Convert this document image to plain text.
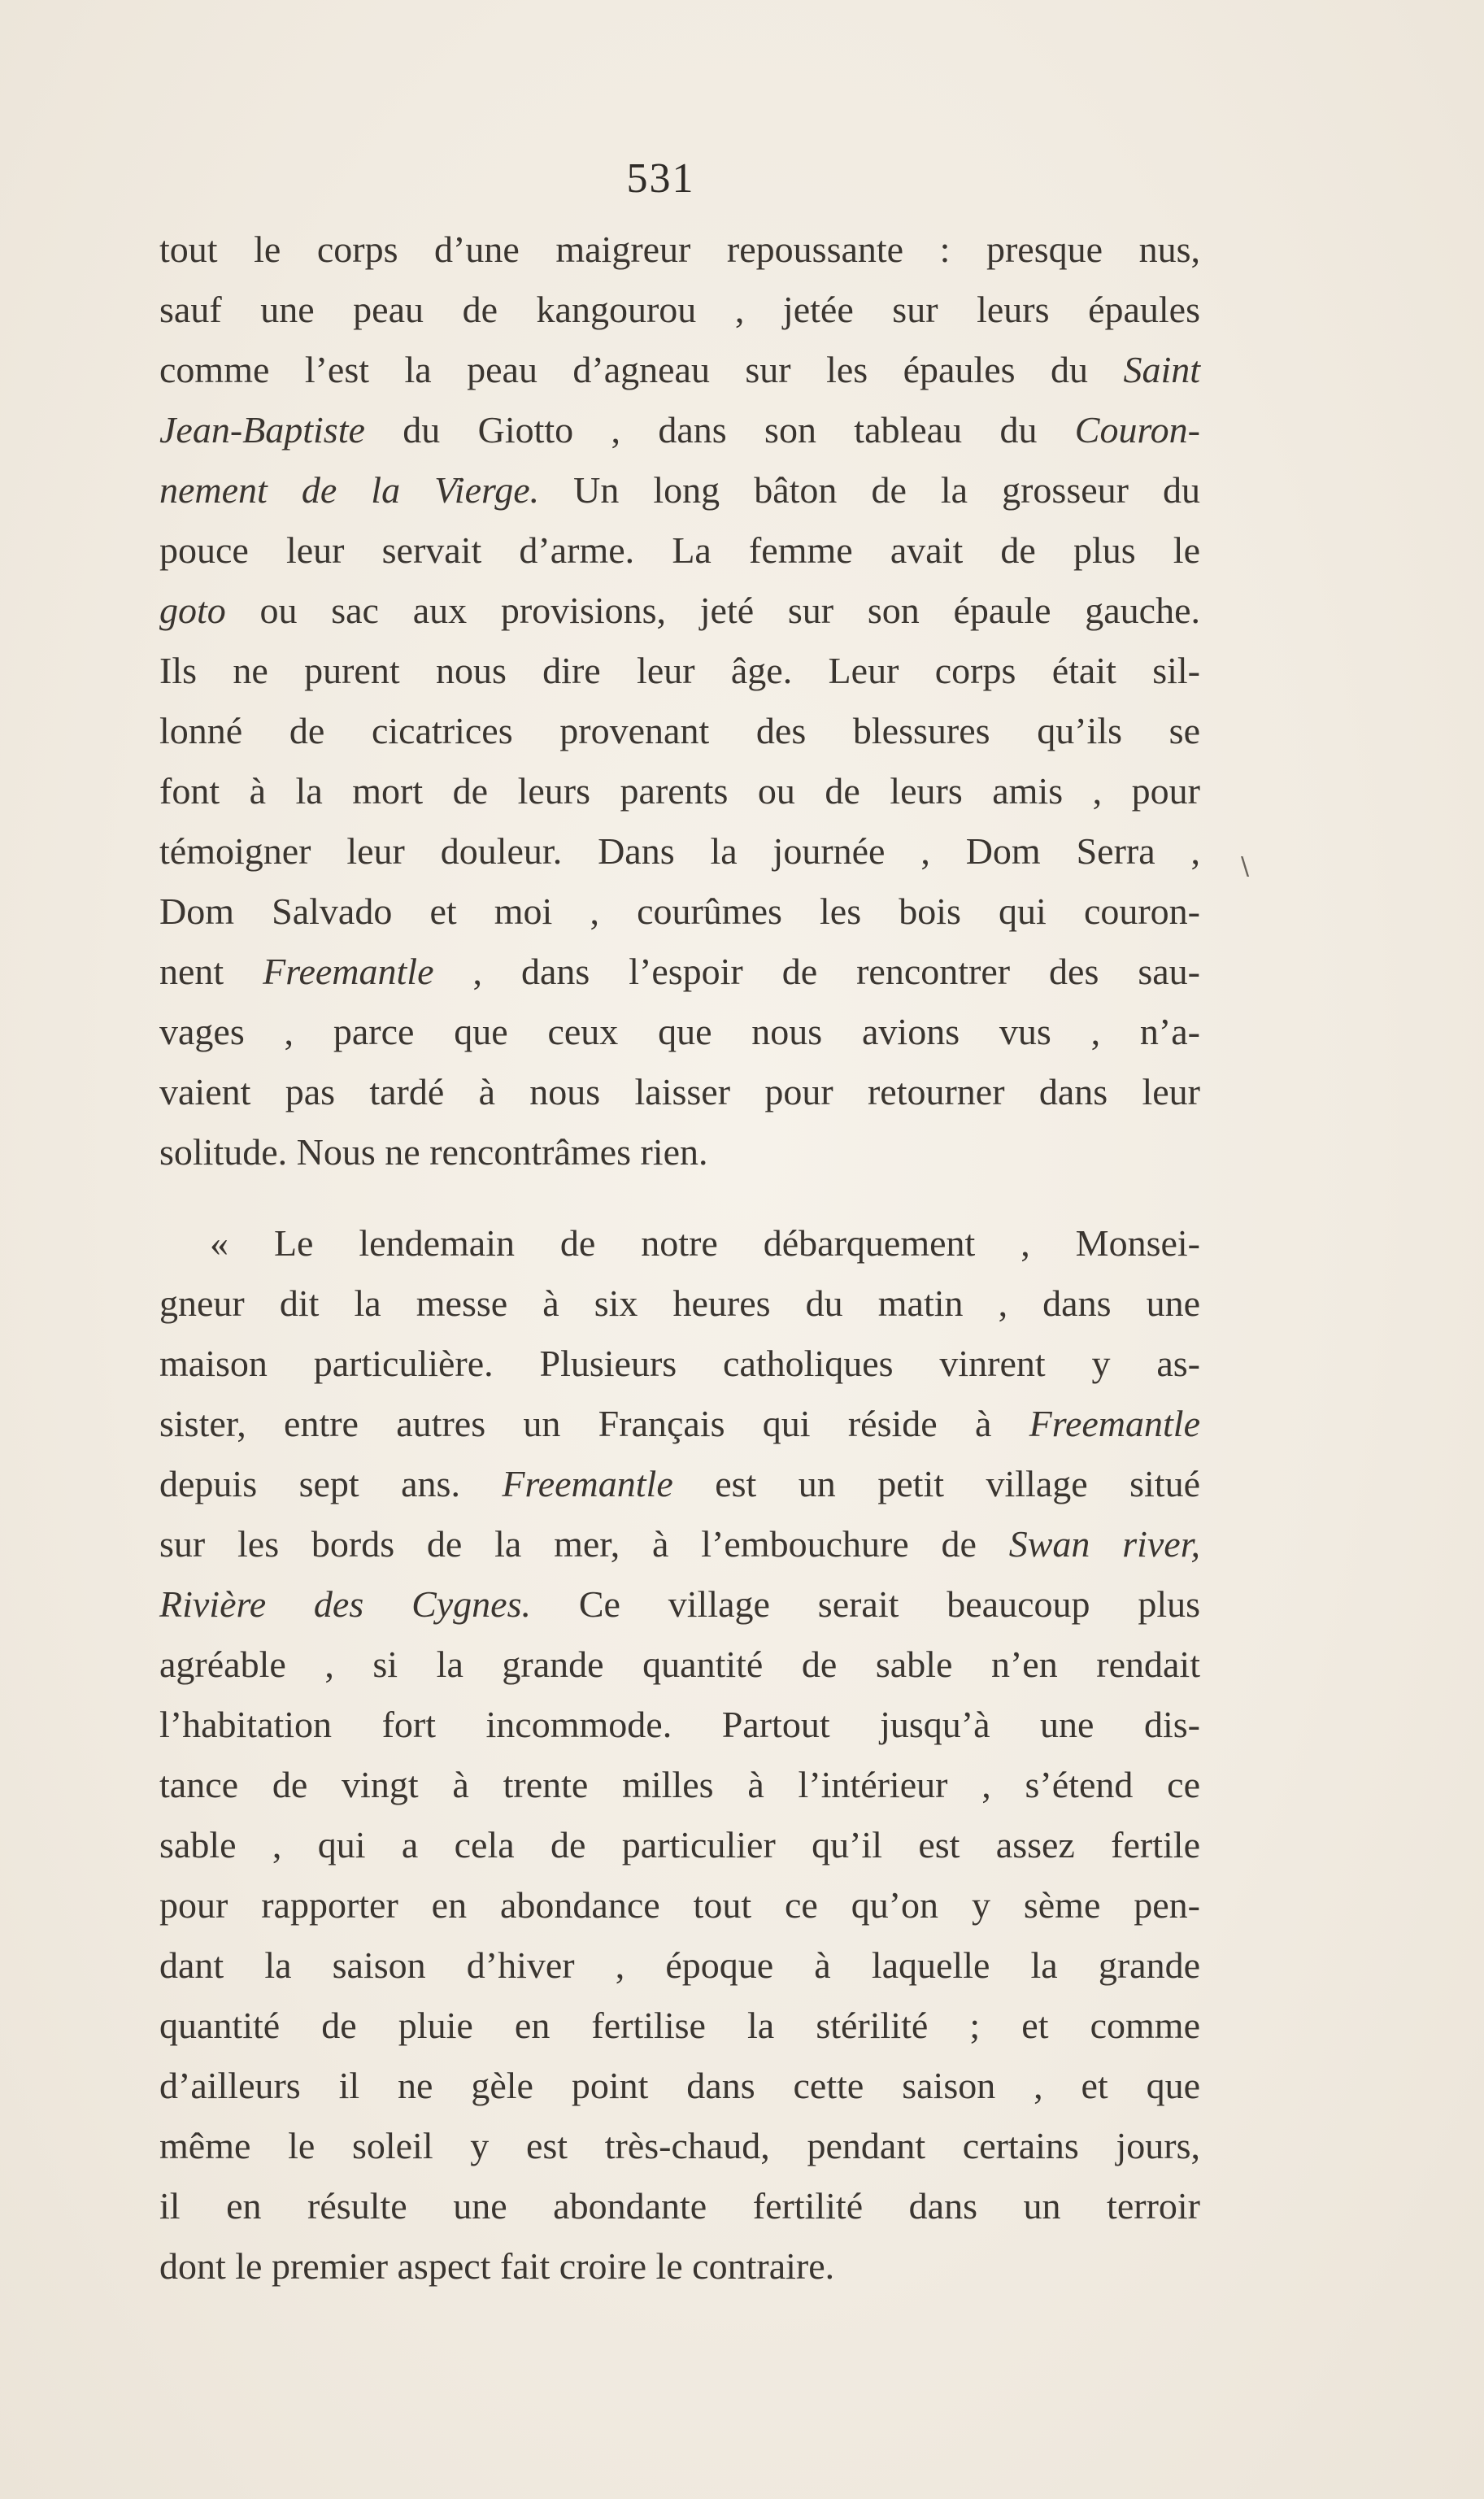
531
tout le corps d’une maigreur repoussante : presque nus,
sauf une peau de kangourou , jetée sur leurs épaules
comme l’est la peau d’agneau sur les épaules du Saint
Jean-Baptiste du Giotto , dans son tableau du Couron-
nement de la Vierge. Un long bâton de la grosseur du
pouce leur servait d’arme. La femme avait de plus le
goto ou sac aux provisions, jeté sur son épaule gauche.
Ils ne purent nous dire leur âge. Leur corps était sil-
lonné de cicatrices provenant des blessures qu’ils se
font à la mort de leurs parents ou de leurs amis , pour
témoigner leur douleur. Dans la journée , Dom Serra ,
Dom Salvado et moi , courûmes les bois qui couron-
nent Freemantle , dans l’espoir de rencontrer des sau-
vages , parce que ceux que nous avions vus , n’a-
vaient pas tardé à nous laisser pour retourner dans leur
solitude. Nous ne rencontrâmes rien.
« Le lendemain de notre débarquement , Monsei-
gneur dit la messe à six heures du matin , dans une
maison particulière. Plusieurs catholiques vinrent y as-
sister, entre autres un Français qui réside à Freemantle
depuis sept ans. Freemantle est un petit village situé
sur les bords de la mer, à l’embouchure de Swan river,
Rivière des Cygnes. Ce village serait beaucoup plus
agréable , si la grande quantité de sable n’en rendait
l’habitation fort incommode. Partout jusqu’à une dis-
tance de vingt à trente milles à l’intérieur , s’étend ce
sable , qui a cela de particulier qu’il est assez fertile
pour rapporter en abondance tout ce qu’on y sème pen-
dant la saison d’hiver , époque à laquelle la grande
quantité de pluie en fertilise la stérilité ; et comme
d’ailleurs il ne gèle point dans cette saison , et que
même le soleil y est très-chaud, pendant certains jours,
il en résulte une abondante fertilité dans un terroir
dont le premier aspect fait croire le contraire.
\
